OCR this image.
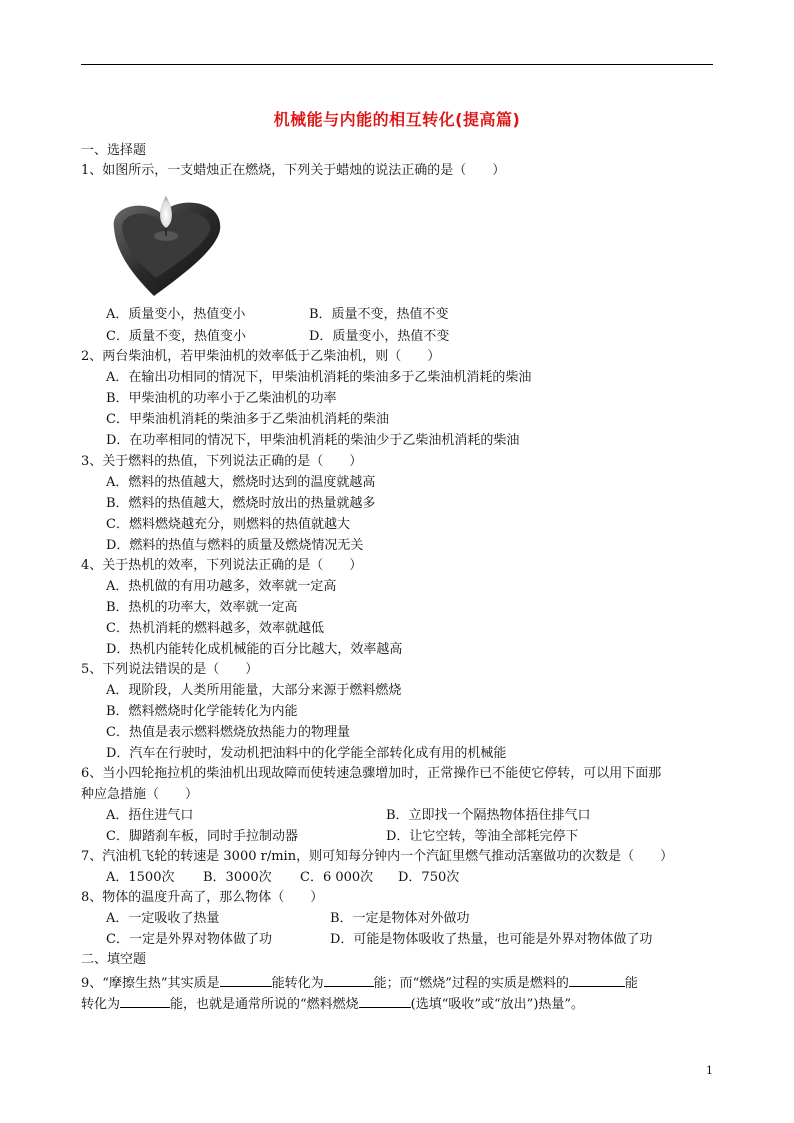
机械能与内能的相互转化(提高篇)
一、选择题
1、如图所示，一支蜡烛正在燃烧，下列关于蜡烛的说法正确的是（　　）
A．质量变小，热值变小	B．质量不变，热值不变
C．质量不变，热值变小	D．质量变小，热值不变
2、两台柴油机，若甲柴油机的效率低于乙柴油机，则（　　）
A．在输出功相同的情况下，甲柴油机消耗的柴油多于乙柴油机消耗的柴油
B．甲柴油机的功率小于乙柴油机的功率
C．甲柴油机消耗的柴油多于乙柴油机消耗的柴油
D．在功率相同的情况下，甲柴油机消耗的柴油少于乙柴油机消耗的柴油
3、关于燃料的热值，下列说法正确的是（　　）
A．燃料的热值越大，燃烧时达到的温度就越高
B．燃料的热值越大，燃烧时放出的热量就越多
C．燃料燃烧越充分，则燃料的热值就越大
D．燃料的热值与燃料的质量及燃烧情况无关
4、关于热机的效率，下列说法正确的是（　　）
A．热机做的有用功越多，效率就一定高
B．热机的功率大，效率就一定高
C．热机消耗的燃料越多，效率就越低
D．热机内能转化成机械能的百分比越大，效率越高
5、下列说法错误的是（　　）
A．现阶段，人类所用能量，大部分来源于燃料燃烧
B．燃料燃烧时化学能转化为内能
C．热值是表示燃料燃烧放热能力的物理量
D．汽车在行驶时，发动机把油料中的化学能全部转化成有用的机械能
6、当小四轮拖拉机的柴油机出现故障而使转速急骤增加时，正常操作已不能使它停转，可以用下面那
种应急措施（　　）
A．捂住进气口	B．立即找一个隔热物体捂住排气口
C．脚踏刹车板，同时手拉制动器	D．让它空转，等油全部耗完停下
7、汽油机飞轮的转速是 3000 r/min，则可知每分钟内一个汽缸里燃气推动活塞做功的次数是（　　）
A．1500次 B．3000次 C．6 000次 D．750次
8、物体的温度升高了，那么物体（　　）
A．一定吸收了热量	B．一定是物体对外做功
C．一定是外界对物体做了功	D．可能是物体吸收了热量，也可能是外界对物体做了功
二、填空题
9、“摩擦生热”其实质是	能转化为	能；而“燃烧”过程的实质是燃料的	能
转化为	能，也就是通常所说的“燃料燃烧	(选填“吸收”或“放出”)热量”。
1
